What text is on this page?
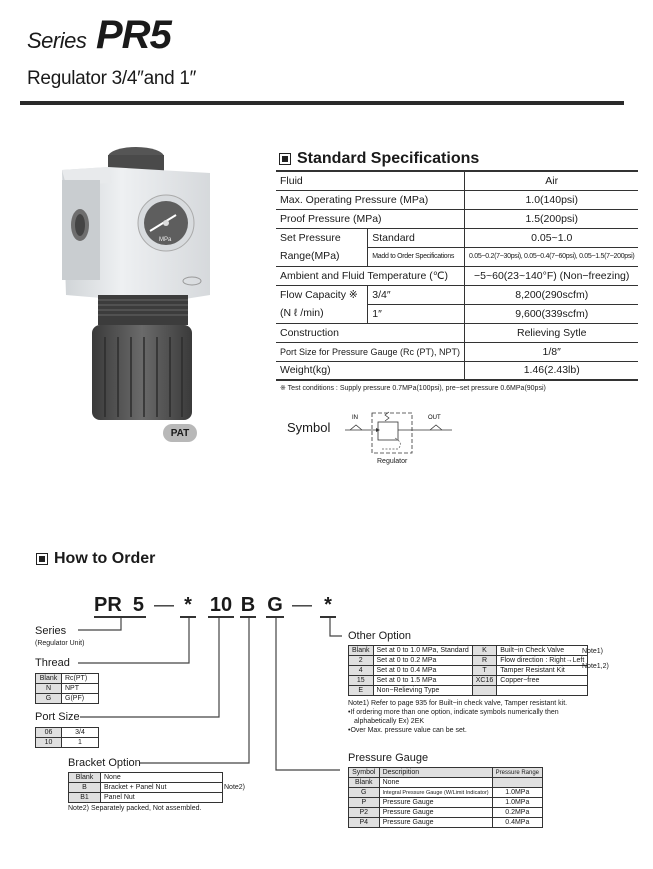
Series PR5
Regulator 3/4″and 1″
MPa
PAT
Standard Specifications
Fluid		Air
Max. Operating Pressure (MPa)		1.0(140psi)
Proof Pressure (MPa)		1.5(200psi)
Set Pressure	Standard	0.05~1.0
Range(MPa)	Madd to Order Specifications	0.05~0.2(7~30psi), 0.05~0.4(7~60psi), 0.05~1.5(7~200psi)
Ambient and Fluid Temperature (℃)		−5~60(23~140°F) (Non−freezing)
Flow Capacity ※	3/4″	8,200(290scfm)
(N ℓ /min)	1″	9,600(339scfm)
Construction		Relieving Sytle
Port Size for Pressure Gauge (Rc (PT), NPT)		1/8″
Weight(kg)		1.46(2.43lb)
※ Test conditions : Supply pressure 0.7MPa(100psi), pre−set pressure 0.6MPa(90psi)
Symbol
IN	OUT
Regulator
How to Order
PR 5 — * 10 B G — *
Series
(Regulator Unit)
Thread
Blank	Rc(PT)
N	NPT
G	G(PF)
Port Size
06	3/4
10	1
Bracket Option
Blank	None
B	Bracket + Panel Nut
B1	Panel Nut
Note2)
Note2) Separately packed, Not assembled.
Other Option
Blank	Set at 0 to 1.0 MPa, Standard	K	Built−in Check Valve
2	Set at 0 to 0.2 MPa	R	Flow direction : Right→Left
4	Set at 0 to 0.4 MPa	T	Tamper Resistant Kit
15	Set at 0 to 1.5 MPa	XC16	Copper−free
E	Non−Relieving Type		
Note1)
Note1,2)
Note1) Refer to page 935 for Built−in check valve, Tamper resistant kit.
•If ordering more than one option, indicate symbols numerically then
alphabetically Ex) 2EK
•Over Max. pressure value can be set.
Pressure Gauge
Symbol	Descripition	Pressure Range
Blank	None	
G	Integral Pressure Gauge (W/Limit Indicator)	1.0MPa
P	Pressure Gauge	1.0MPa
P2	Pressure Gauge	0.2MPa
P4	Pressure Gauge	0.4MPa
